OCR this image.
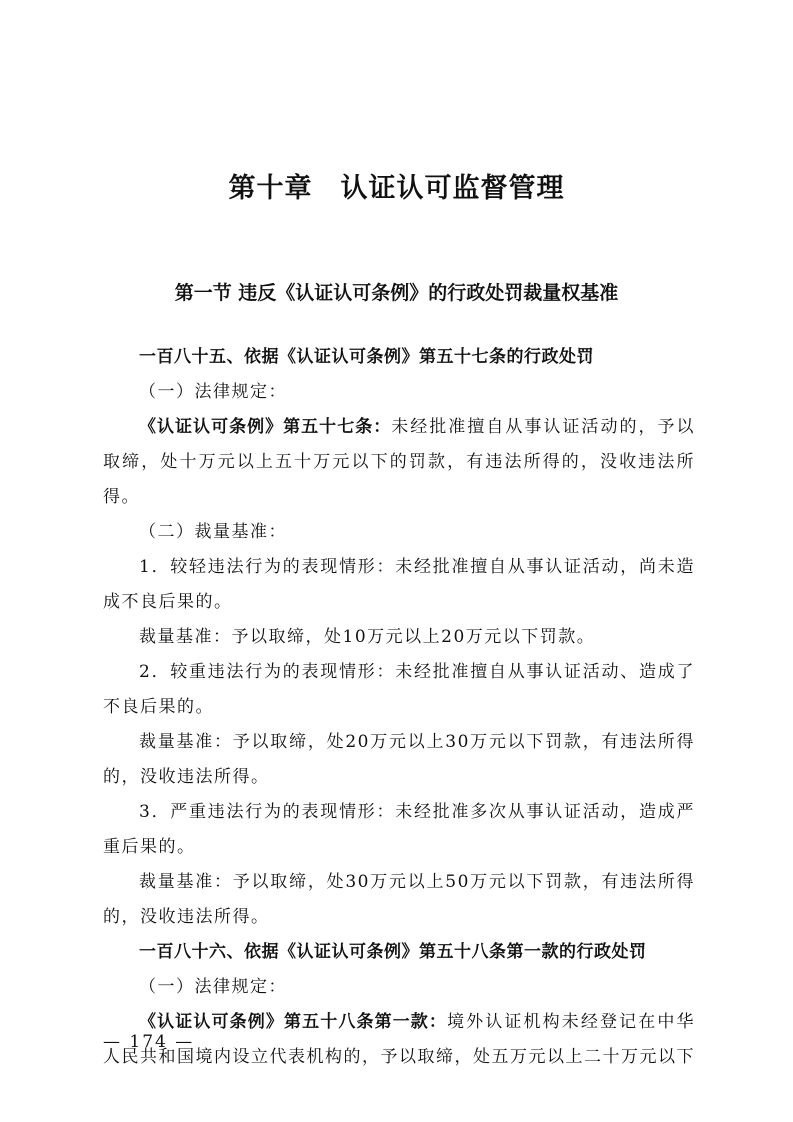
第十章　认证认可监督管理
第一节 违反《认证认可条例》的行政处罚裁量权基准

一百八十五、依据《认证认可条例》第五十七条的行政处罚

（一）法律规定：

《认证认可条例》第五十七条：未经批准擅自从事认证活动的，予以取缔，处十万元以上五十万元以下的罚款，有违法所得的，没收违法所得。

（二）裁量基准：

1．较轻违法行为的表现情形：未经批准擅自从事认证活动，尚未造成不良后果的。

裁量基准：予以取缔，处10万元以上20万元以下罚款。

2．较重违法行为的表现情形：未经批准擅自从事认证活动、造成了不良后果的。

裁量基准：予以取缔，处20万元以上30万元以下罚款，有违法所得的，没收违法所得。

3．严重违法行为的表现情形：未经批准多次从事认证活动，造成严重后果的。

裁量基准：予以取缔，处30万元以上50万元以下罚款，有违法所得的，没收违法所得。

一百八十六、依据《认证认可条例》第五十八条第一款的行政处罚

（一）法律规定：

《认证认可条例》第五十八条第一款：境外认证机构未经登记在中华人民共和国境内设立代表机构的，予以取缔，处五万元以上二十万元以下

— 174 —
